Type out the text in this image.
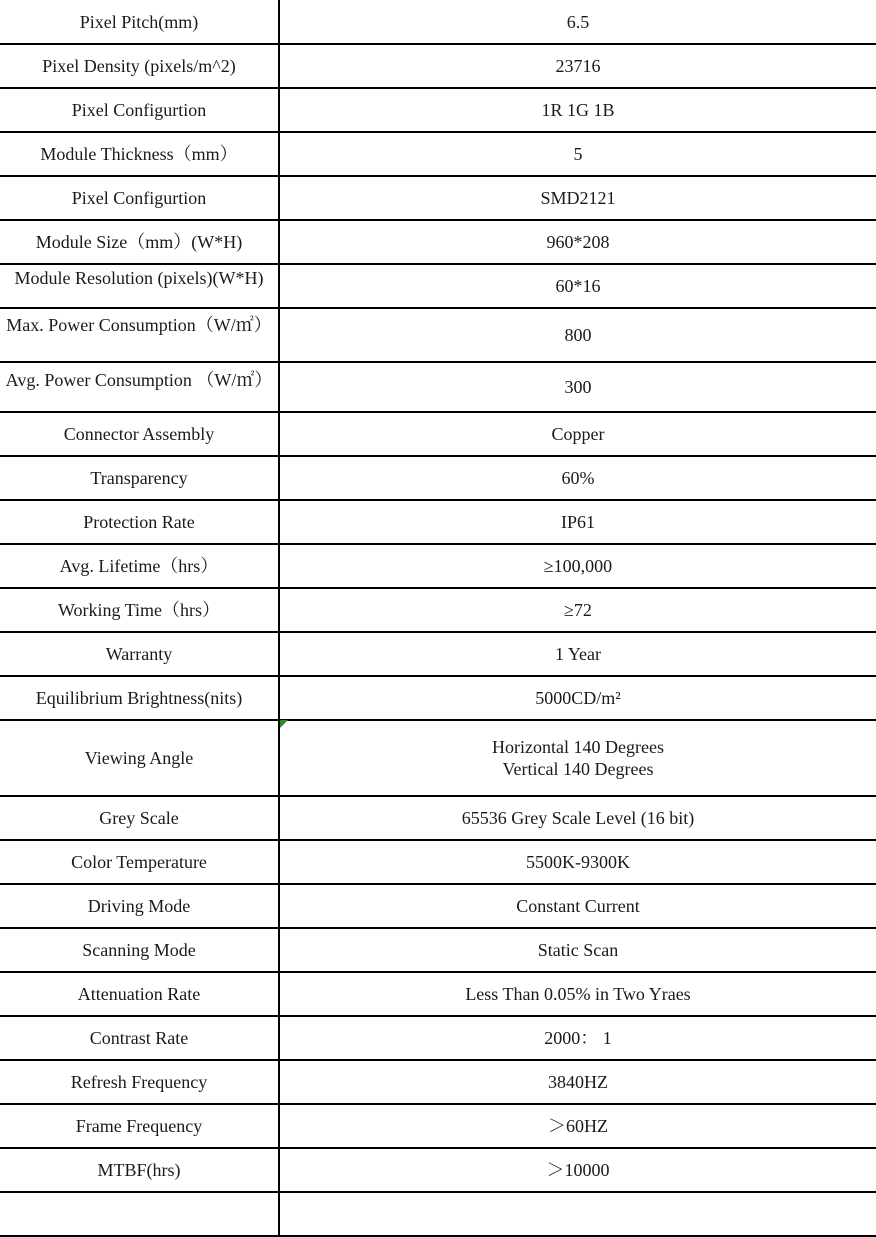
Pixel Pitch(mm)	6.5
Pixel Density (pixels/m^2)	23716
Pixel Configurtion	1R 1G 1B
Module Thickness（mm）	5
Pixel Configurtion	SMD2121
Module Size（mm）(W*H)	960*208

Module Resolution (pixels)(W*H)	60*16

Max. Power Consumption（W/㎡）	800

Avg. Power Consumption （W/㎡）	300
Connector Assembly	Copper
Transparency	60%
Protection Rate	IP61
Avg. Lifetime（hrs）	≥100,000
Working Time（hrs）	≥72
Warranty	1 Year
Equilibrium Brightness(nits)	5000CD/m²
Viewing Angle	Horizontal 140 Degrees
Vertical 140 Degrees

Grey Scale	65536 Grey Scale Level (16 bit)
Color Temperature	5500K-9300K
Driving Mode	Constant Current
Scanning Mode	Static Scan
Attenuation Rate	Less Than 0.05% in Two Yraes
Contrast Rate	2000： 1
Refresh Frequency	3840HZ
Frame Frequency	＞60HZ
MTBF(hrs)	＞10000
